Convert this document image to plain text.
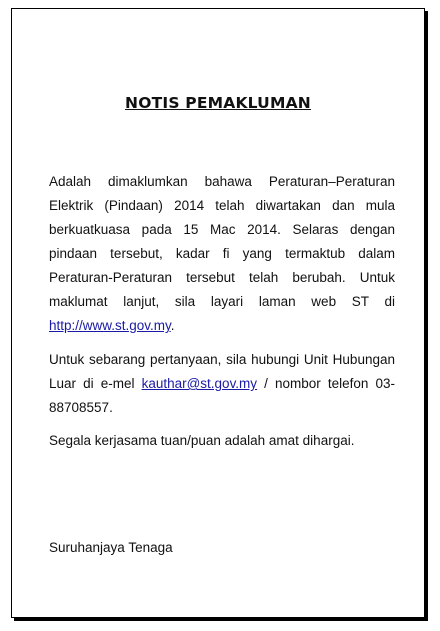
NOTIS PEMAKLUMAN

Adalah dimaklumkan bahawa Peraturan–Peraturan Elektrik (Pindaan) 2014 telah diwartakan dan mula berkuatkuasa pada 15 Mac 2014. Selaras dengan pindaan tersebut, kadar fi yang termaktub dalam Peraturan-Peraturan tersebut telah berubah. Untuk maklumat lanjut, sila layari laman web ST di http://www.st.gov.my.

Untuk sebarang pertanyaan, sila hubungi Unit Hubungan Luar di e-mel kauthar@st.gov.my / nombor telefon 03-88708557.

Segala kerjasama tuan/puan adalah amat dihargai.

Suruhanjaya Tenaga
